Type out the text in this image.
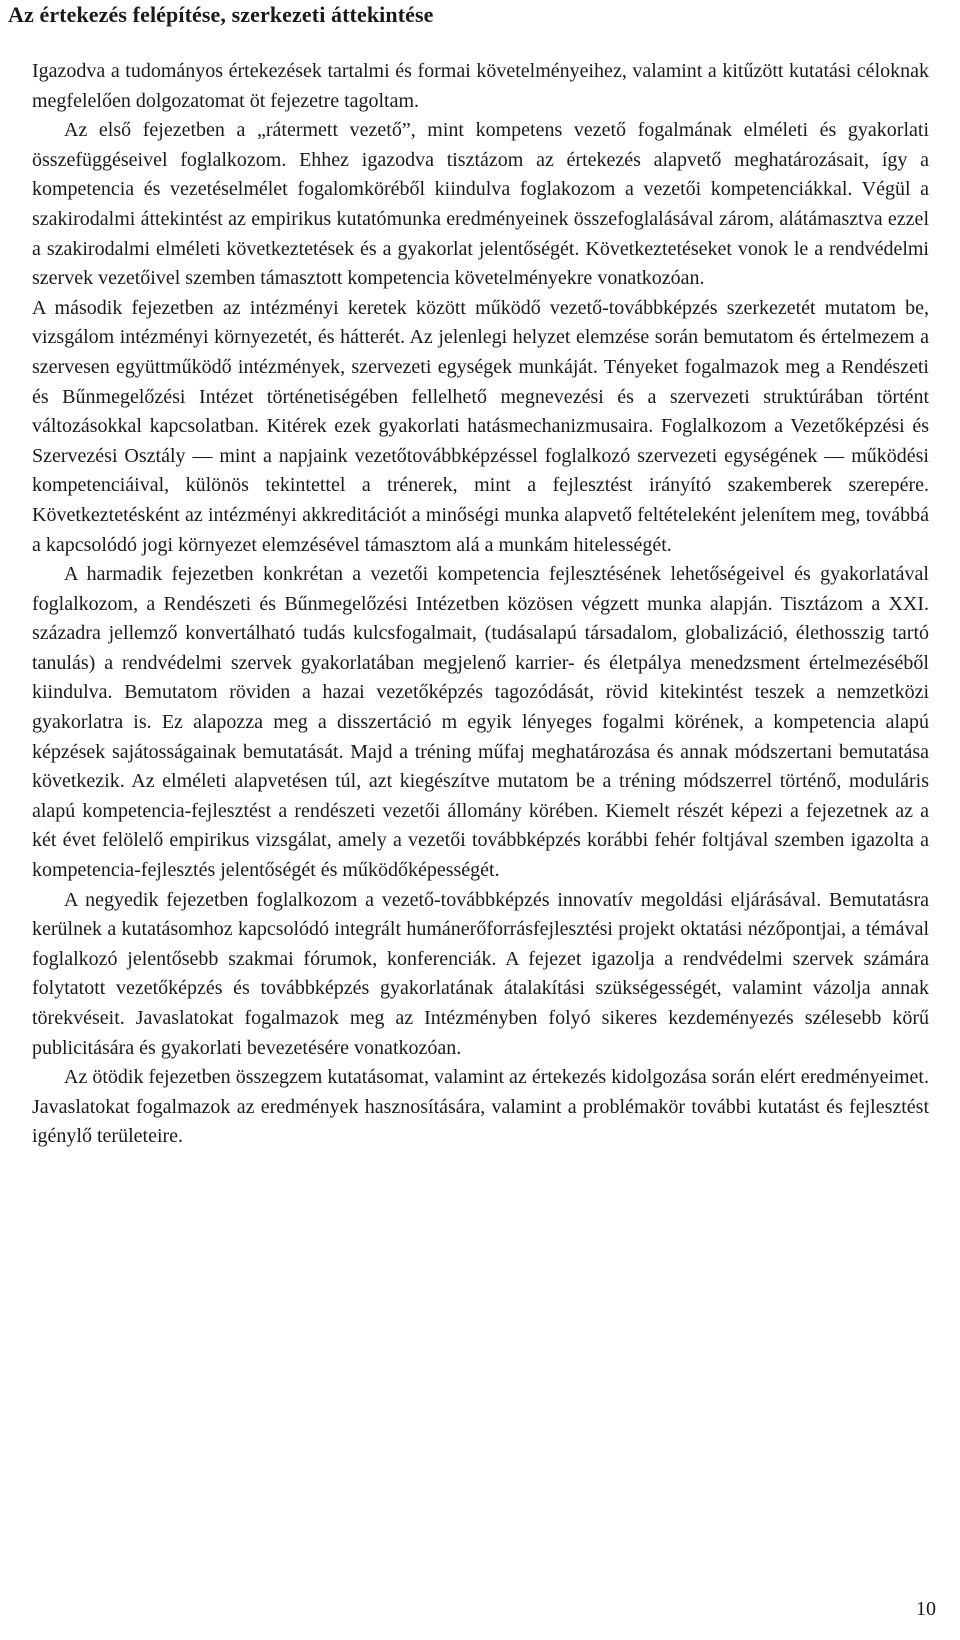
Az értekezés felépítése, szerkezeti áttekintése

Igazodva a tudományos értekezések tartalmi és formai követelményeihez, valamint a kitűzött kutatási céloknak megfelelően dolgozatomat öt fejezetre tagoltam.

Az első fejezetben a „rátermett vezető”, mint kompetens vezető fogalmának elméleti és gyakorlati összefüggéseivel foglalkozom. Ehhez igazodva tisztázom az értekezés alapvető meghatározásait, így a kompetencia és vezetéselmélet fogalomköréből kiindulva foglakozom a vezetői kompetenciákkal. Végül a szakirodalmi áttekintést az empirikus kutatómunka eredményeinek összefoglalásával zárom, alátámasztva ezzel a szakirodalmi elméleti következtetések és a gyakorlat jelentőségét. Következtetéseket vonok le a rendvédelmi szervek vezetőivel szemben támasztott kompetencia követelményekre vonatkozóan.

A második fejezetben az intézményi keretek között működő vezető-továbbképzés szerkezetét mutatom be, vizsgálom intézményi környezetét, és hátterét. Az jelenlegi helyzet elemzése során bemutatom és értelmezem a szervesen együttműködő intézmények, szervezeti egységek munkáját. Tényeket fogalmazok meg a Rendészeti és Bűnmegelőzési Intézet történetiségében fellelhető megnevezési és a szervezeti struktúrában történt változásokkal kapcsolatban. Kitérek ezek gyakorlati hatásmechanizmusaira. Foglalkozom a Vezetőképzési és Szervezési Osztály ― mint a napjaink vezetőtovábbképzéssel foglalkozó szervezeti egységének ― működési kompetenciáival, különös tekintettel a trénerek, mint a fejlesztést irányító szakemberek szerepére. Következtetésként az intézményi akkreditációt a minőségi munka alapvető feltételeként jelenítem meg, továbbá a kapcsolódó jogi környezet elemzésével támasztom alá a munkám hitelességét.

A harmadik fejezetben konkrétan a vezetői kompetencia fejlesztésének lehetőségeivel és gyakorlatával foglalkozom, a Rendészeti és Bűnmegelőzési Intézetben közösen végzett munka alapján. Tisztázom a XXI. századra jellemző konvertálható tudás kulcsfogalmait, (tudásalapú társadalom, globalizáció, élethosszig tartó tanulás) a rendvédelmi szervek gyakorlatában megjelenő karrier- és életpálya menedzsment értelmezéséből kiindulva. Bemutatom röviden a hazai vezetőképzés tagozódását, rövid kitekintést teszek a nemzetközi gyakorlatra is. Ez alapozza meg a disszertáció m egyik lényeges fogalmi körének, a kompetencia alapú képzések sajátosságainak bemutatását. Majd a tréning műfaj meghatározása és annak módszertani bemutatása következik. Az elméleti alapvetésen túl, azt kiegészítve mutatom be a tréning módszerrel történő, moduláris alapú kompetencia-fejlesztést a rendészeti vezetői állomány körében. Kiemelt részét képezi a fejezetnek az a két évet felölelő empirikus vizsgálat, amely a vezetői továbbképzés korábbi fehér foltjával szemben igazolta a kompetencia-fejlesztés jelentőségét és működőképességét.

A negyedik fejezetben foglalkozom a vezető-továbbképzés innovatív megoldási eljárásával. Bemutatásra kerülnek a kutatásomhoz kapcsolódó integrált humánerőforrásfejlesztési projekt oktatási nézőpontjai, a témával foglalkozó jelentősebb szakmai fórumok, konferenciák. A fejezet igazolja a rendvédelmi szervek számára folytatott vezetőképzés és továbbképzés gyakorlatának átalakítási szükségességét, valamint vázolja annak törekvéseit. Javaslatokat fogalmazok meg az Intézményben folyó sikeres kezdeményezés szélesebb körű publicitására és gyakorlati bevezetésére vonatkozóan.

Az ötödik fejezetben összegzem kutatásomat, valamint az értekezés kidolgozása során elért eredményeimet. Javaslatokat fogalmazok az eredmények hasznosítására, valamint a problémakör további kutatást és fejlesztést igénylő területeire.

10
